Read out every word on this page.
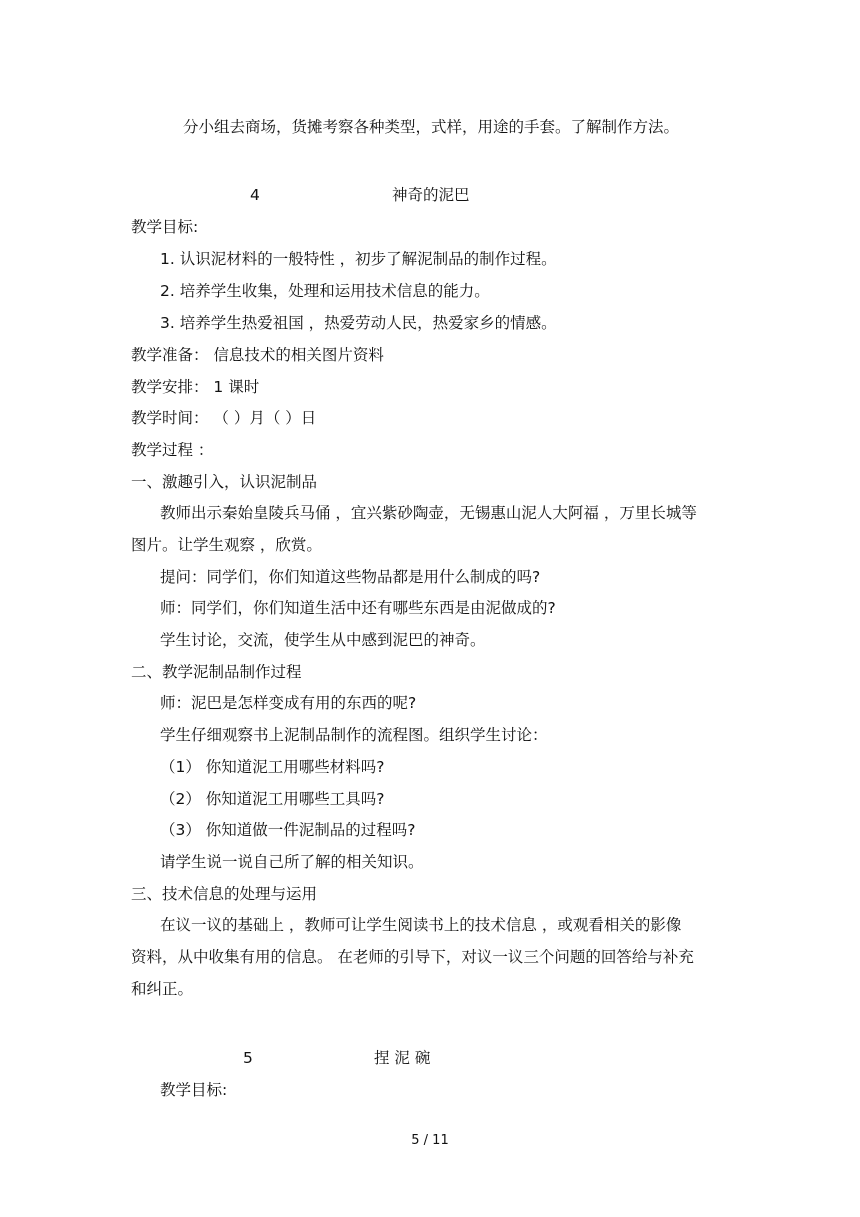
分小组去商场，货摊考察各种类型，式样，用途的手套。了解制作方法。
4	神奇的泥巴
教学目标:
1. 认识泥材料的一般特性 ，初步了解泥制品的制作过程。
2. 培养学生收集，处理和运用技术信息的能力。
3. 培养学生热爱祖国 ，热爱劳动人民，热爱家乡的情感。
教学准备： 信息技术的相关图片资料
教学安排： 1 课时
教学时间： （ ）月（ ）日
教学过程 ：
一、激趣引入，认识泥制品
教师出示秦始皇陵兵马俑 ，宜兴紫砂陶壶，无锡惠山泥人大阿福 ，万里长城等
图片。让学生观察 ，欣赏。
提问：同学们，你们知道这些物品都是用什么制成的吗?
师：同学们，你们知道生活中还有哪些东西是由泥做成的?
学生讨论，交流，使学生从中感到泥巴的神奇。
二、教学泥制品制作过程
师：泥巴是怎样变成有用的东西的呢?
学生仔细观察书上泥制品制作的流程图。组织学生讨论：
（1） 你知道泥工用哪些材料吗?
（2） 你知道泥工用哪些工具吗?
（3） 你知道做一件泥制品的过程吗?
请学生说一说自己所了解的相关知识。
三、技术信息的处理与运用
在议一议的基础上 ，教师可让学生阅读书上的技术信息 ，或观看相关的影像
资料，从中收集有用的信息。 在老师的引导下，对议一议三个问题的回答给与补充
和纠正。
5	捏 泥 碗
教学目标:
5 / 11
